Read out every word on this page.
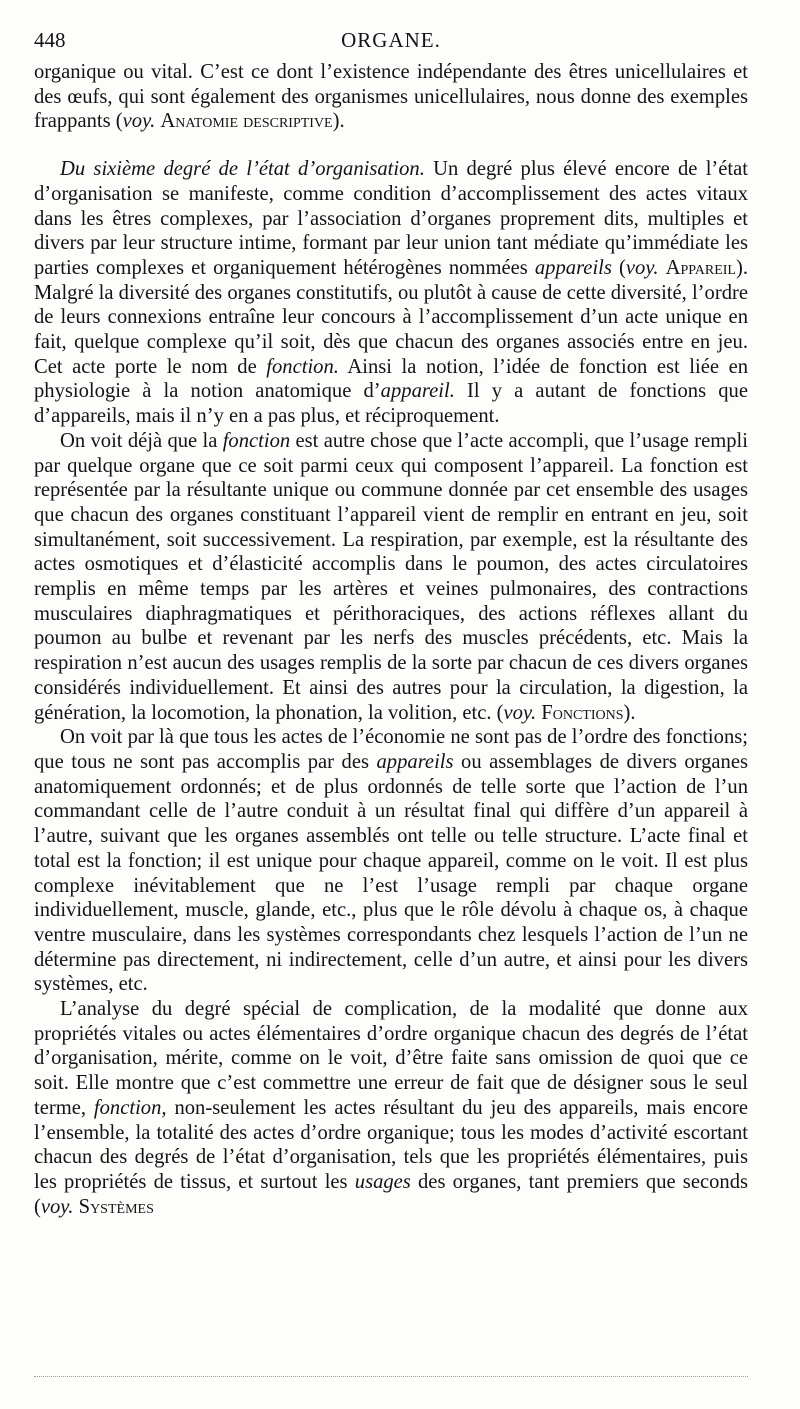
448	ORGANE.

organique ou vital. C’est ce dont l’existence indépendante des êtres unicellulaires et des œufs, qui sont également des organismes unicellulaires, nous donne des exemples frappants (voy. Anatomie descriptive).

Du sixième degré de l’état d’organisation. Un degré plus élevé encore de l’état d’organisation se manifeste, comme condition d’accomplissement des actes vitaux dans les êtres complexes, par l’association d’organes proprement dits, multiples et divers par leur structure intime, formant par leur union tant médiate qu’immédiate les parties complexes et organiquement hétérogènes nommées appareils (voy. Appareil). Malgré la diversité des organes constitutifs, ou plutôt à cause de cette diversité, l’ordre de leurs connexions entraîne leur concours à l’accomplissement d’un acte unique en fait, quelque complexe qu’il soit, dès que chacun des organes associés entre en jeu. Cet acte porte le nom de fonction. Ainsi la notion, l’idée de fonction est liée en physiologie à la notion anatomique d’appareil. Il y a autant de fonctions que d’appareils, mais il n’y en a pas plus, et réciproquement.

On voit déjà que la fonction est autre chose que l’acte accompli, que l’usage rempli par quelque organe que ce soit parmi ceux qui composent l’appareil. La fonction est représentée par la résultante unique ou commune donnée par cet ensemble des usages que chacun des organes constituant l’appareil vient de remplir en entrant en jeu, soit simultanément, soit successivement. La respiration, par exemple, est la résultante des actes osmotiques et d’élasticité accomplis dans le poumon, des actes circulatoires remplis en même temps par les artères et veines pulmonaires, des contractions musculaires diaphragmatiques et périthoraciques, des actions réflexes allant du poumon au bulbe et revenant par les nerfs des muscles précédents, etc. Mais la respiration n’est aucun des usages remplis de la sorte par chacun de ces divers organes considérés individuellement. Et ainsi des autres pour la circulation, la digestion, la génération, la locomotion, la phonation, la volition, etc. (voy. Fonctions).

On voit par là que tous les actes de l’économie ne sont pas de l’ordre des fonctions; que tous ne sont pas accomplis par des appareils ou assemblages de divers organes anatomiquement ordonnés; et de plus ordonnés de telle sorte que l’action de l’un commandant celle de l’autre conduit à un résultat final qui diffère d’un appareil à l’autre, suivant que les organes assemblés ont telle ou telle structure. L’acte final et total est la fonction; il est unique pour chaque appareil, comme on le voit. Il est plus complexe inévitablement que ne l’est l’usage rempli par chaque organe individuellement, muscle, glande, etc., plus que le rôle dévolu à chaque os, à chaque ventre musculaire, dans les systèmes correspondants chez lesquels l’action de l’un ne détermine pas directement, ni indirectement, celle d’un autre, et ainsi pour les divers systèmes, etc.

L’analyse du degré spécial de complication, de la modalité que donne aux propriétés vitales ou actes élémentaires d’ordre organique chacun des degrés de l’état d’organisation, mérite, comme on le voit, d’être faite sans omission de quoi que ce soit. Elle montre que c’est commettre une erreur de fait que de désigner sous le seul terme, fonction, non-seulement les actes résultant du jeu des appareils, mais encore l’ensemble, la totalité des actes d’ordre organique; tous les modes d’activité escortant chacun des degrés de l’état d’organisation, tels que les propriétés élémentaires, puis les propriétés de tissus, et surtout les usages des organes, tant premiers que seconds (voy. Systèmes
